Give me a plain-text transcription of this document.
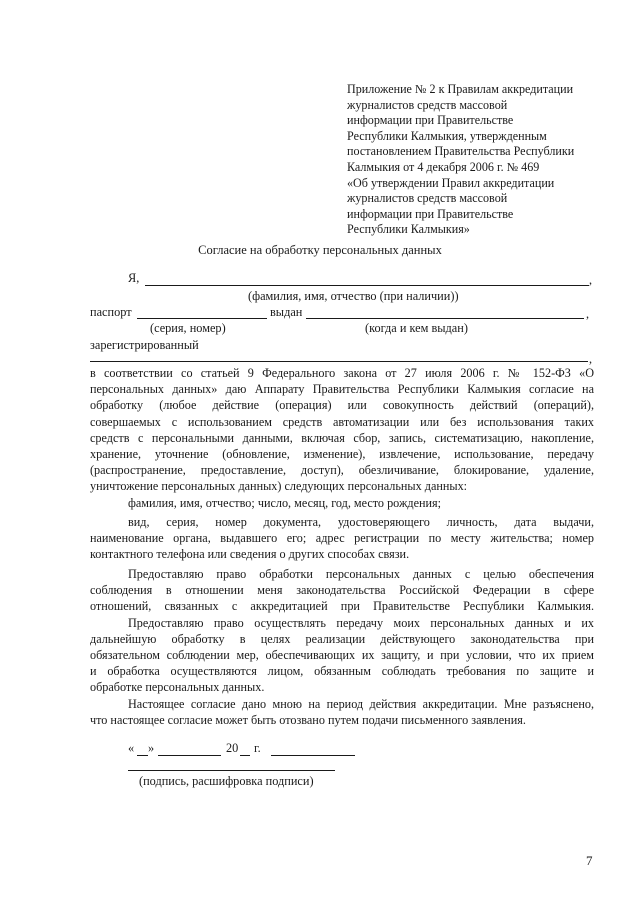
Приложение № 2 к Правилам аккредитации
журналистов средств массовой
информации при Правительстве
Республики Калмыкия, утвержденным
постановлением Правительства Республики
Калмыкия от 4 декабря 2006 г. № 469
«Об утверждении Правил аккредитации
журналистов средств массовой
информации при Правительстве
Республики Калмыкия»
Согласие на обработку персональных данных
Я,	,
(фамилия, имя, отчество (при наличии))
паспорт	выдан	,
(серия, номер)	(когда и кем выдан)
зарегистрированный
,
в соответствии со статьей 9 Федерального закона от 27 июля 2006 г. № 152-ФЗ «О
персональных данных» даю Аппарату Правительства Республики Калмыкия согласие на
обработку (любое действие (операция) или совокупность действий (операций),
совершаемых с использованием средств автоматизации или без использования таких
средств с персональными данными, включая сбор, запись, систематизацию, накопление,
хранение, уточнение (обновление, изменение), извлечение, использование, передачу
(распространение, предоставление, доступ), обезличивание, блокирование, удаление,
уничтожение персональных данных) следующих персональных данных:
фамилия, имя, отчество; число, месяц, год, место рождения;
вид, серия, номер документа, удостоверяющего личность, дата выдачи,
наименование органа, выдавшего его; адрес регистрации по месту жительства; номер
контактного телефона или сведения о других способах связи.
Предоставляю право обработки персональных данных с целью обеспечения
соблюдения в отношении меня законодательства Российской Федерации в сфере
отношений, связанных с аккредитацией при Правительстве Республики Калмыкия.
Предоставляю право осуществлять передачу моих персональных данных и их
дальнейшую обработку в целях реализации действующего законодательства при
обязательном соблюдении мер, обеспечивающих их защиту, и при условии, что их прием
и обработка осуществляются лицом, обязанным соблюдать требования по защите и
обработке персональных данных.
Настоящее согласие дано мною на период действия аккредитации. Мне разъяснено,
что настоящее согласие может быть отозвано путем подачи письменного заявления.
« »	20 г.
(подпись, расшифровка подписи)
7
